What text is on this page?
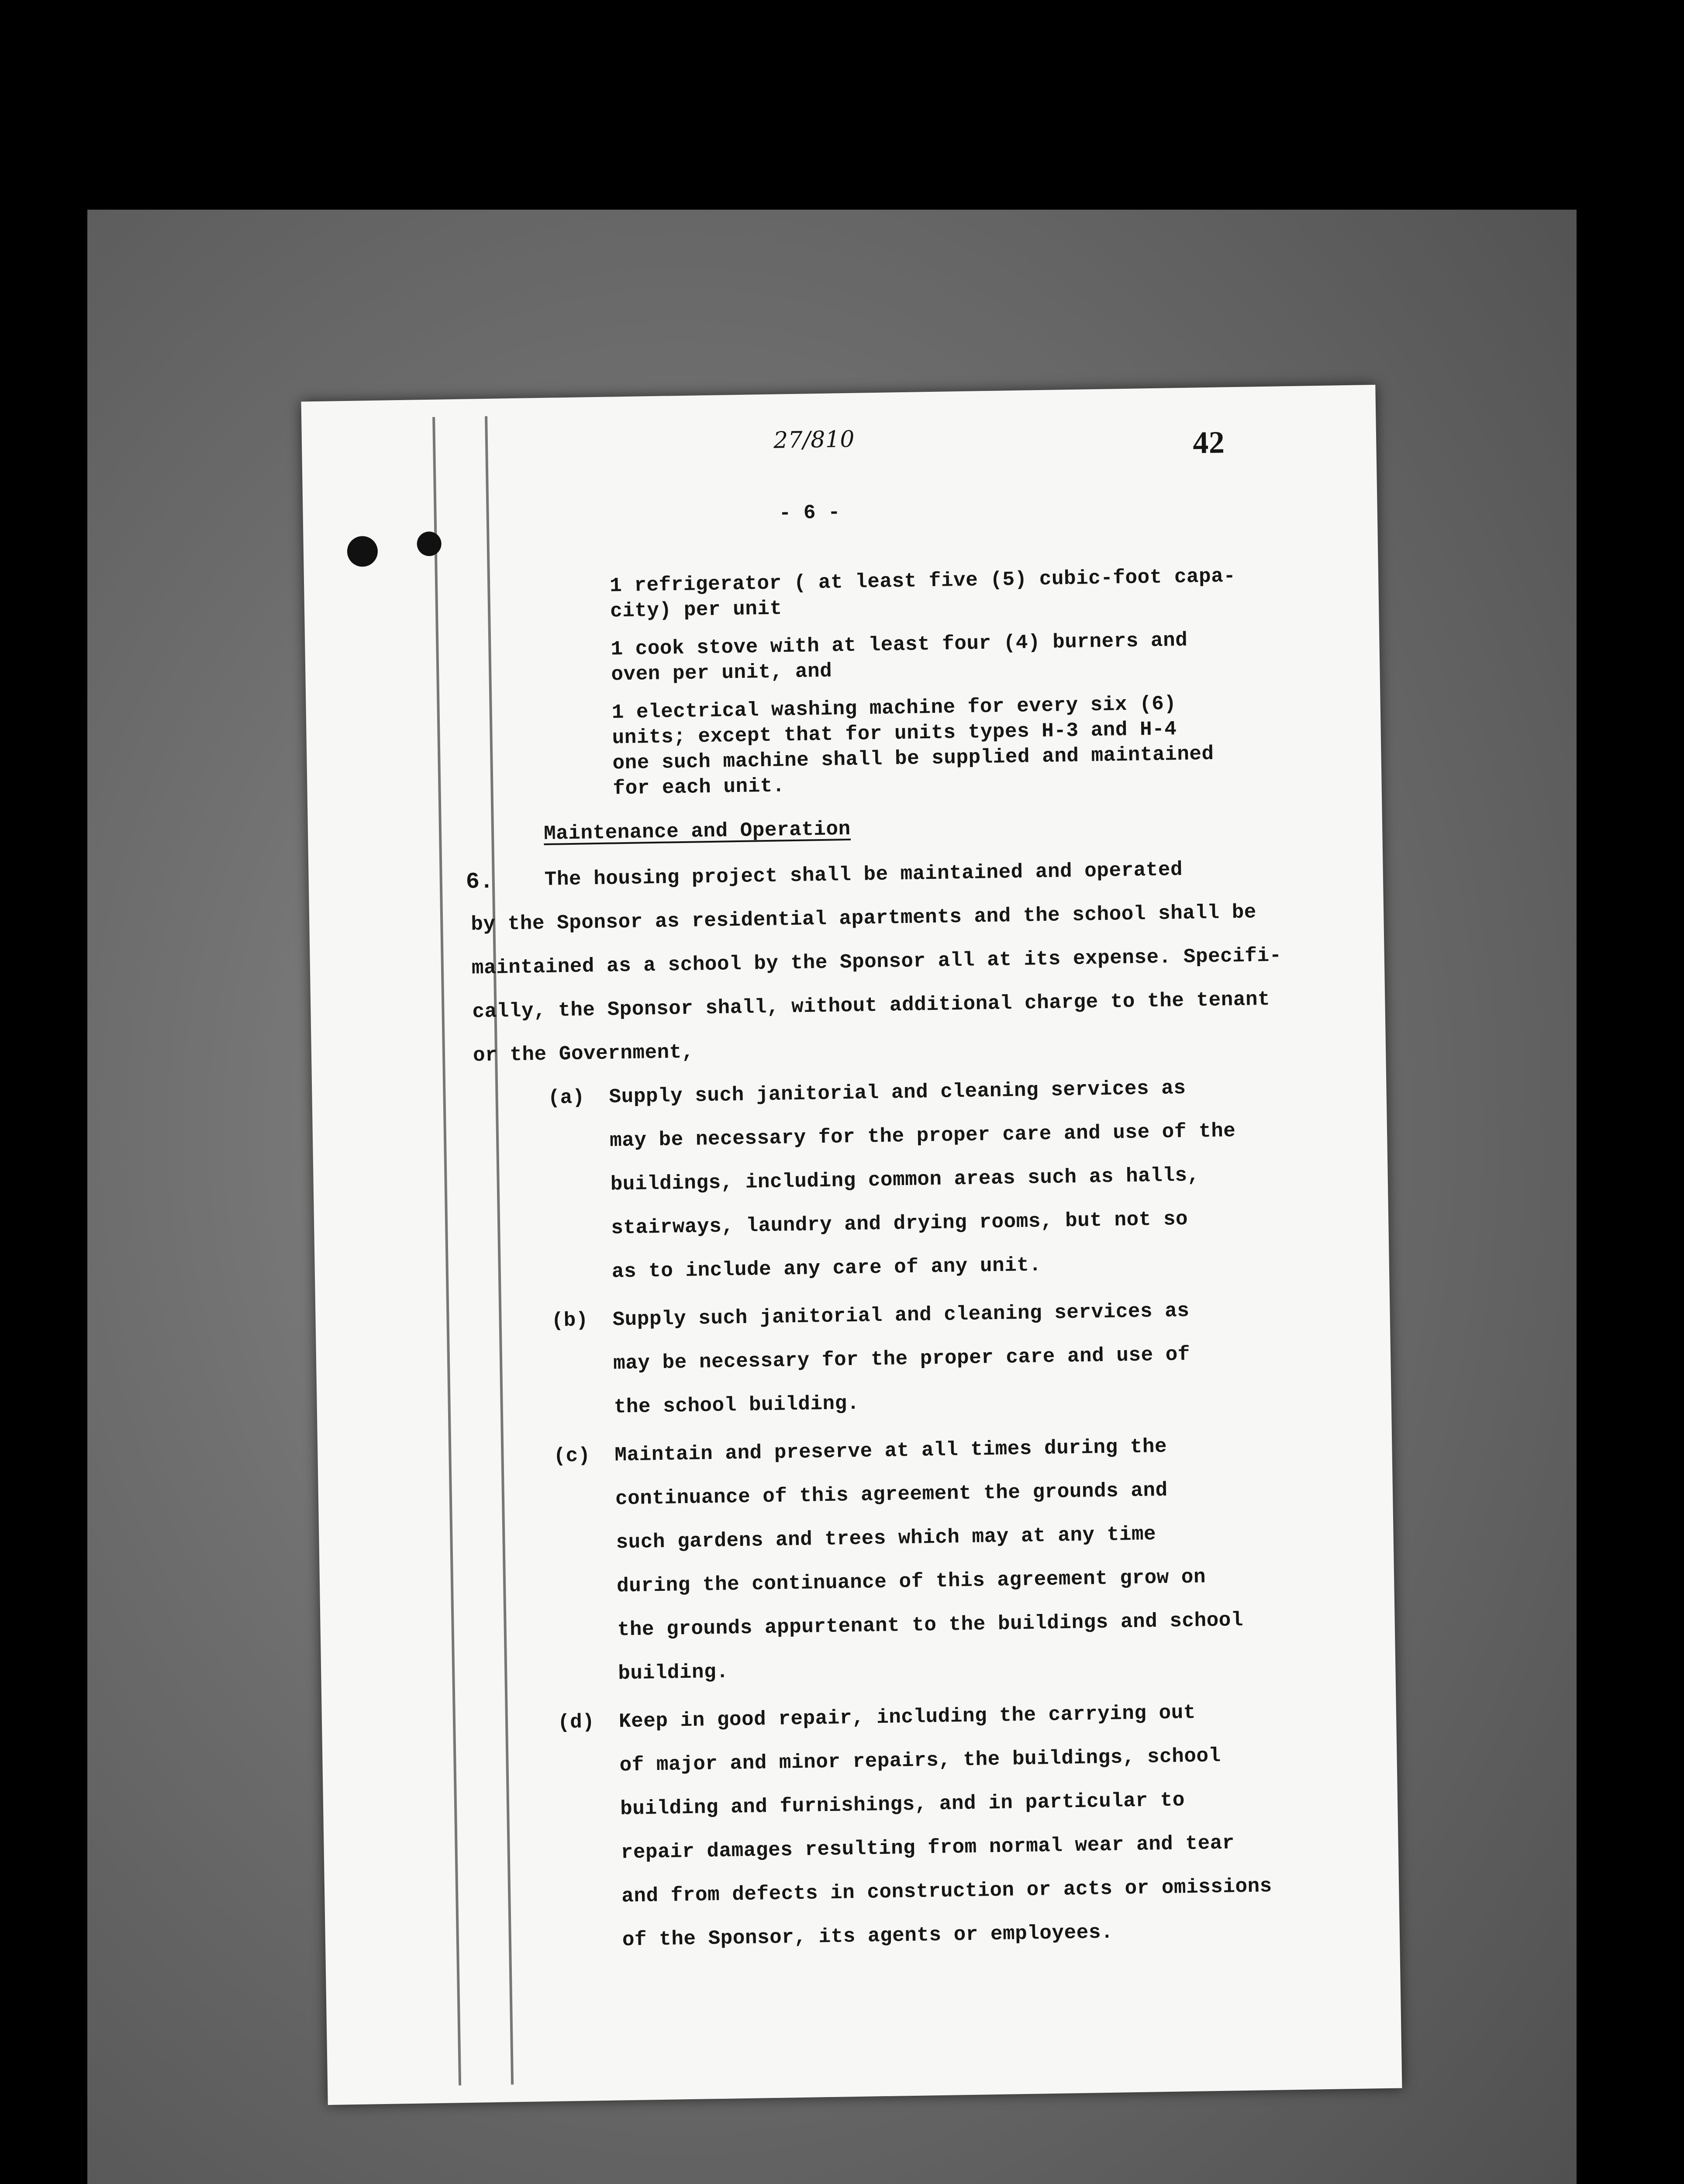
27/810	42
- 6 -
1 refrigerator ( at least five (5) cubic-foot capa-
city) per unit
1 cook stove with at least four (4) burners and
oven per unit, and
1 electrical washing machine for every six (6)
units; except that for units types H-3 and H-4
one such machine shall be supplied and maintained
for each unit.
Maintenance and Operation
6.	The housing project shall be maintained and operated
by the Sponsor as residential apartments and the school shall be
maintained as a school by the Sponsor all at its expense. Specifi-
cally, the Sponsor shall, without additional charge to the tenant
or the Government,
(a) Supply such janitorial and cleaning services as
may be necessary for the proper care and use of the
buildings, including common areas such as halls,
stairways, laundry and drying rooms, but not so
as to include any care of any unit.
(b) Supply such janitorial and cleaning services as
may be necessary for the proper care and use of
the school building.
(c) Maintain and preserve at all times during the
continuance of this agreement the grounds and
such gardens and trees which may at any time
during the continuance of this agreement grow on
the grounds appurtenant to the buildings and school
building.
(d) Keep in good repair, including the carrying out
of major and minor repairs, the buildings, school
building and furnishings, and in particular to
repair damages resulting from normal wear and tear
and from defects in construction or acts or omissions
of the Sponsor, its agents or employees.
